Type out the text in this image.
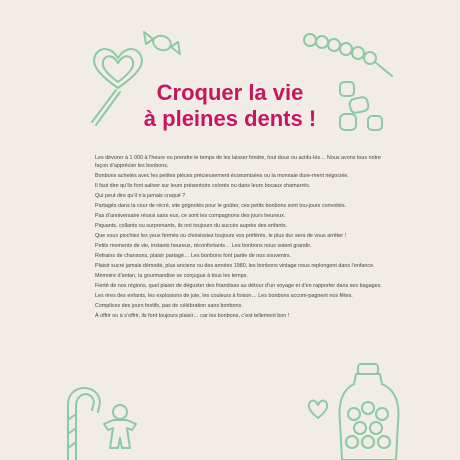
Croquer la vie
à pleines dents !

Les dévorer à 1 000 à l’heure ou prendre le temps de les laisser fondre, tout doux ou acidu-lés… Nous avons tous notre façon d’apprécier les bonbons.

Bonbons achetés avec les petites pièces précieusement économisées ou la monnaie dure-ment négociée.

Il faut dire qu’ils font saliver sur leurs présentoirs colorés ou dans leurs bocaux chamarrés.

Qui peut dire qu’il n’a jamais craqué ?

Partagés dans la cour de récré, vite grignotés pour le goûter, ces petits bonbons sont tou-jours convoités.

Pas d’anniversaire réussi sans eux, ce sont les compagnons des jours heureux.

Piquants, collants ou surprenants, ils ont toujours du succès auprès des enfants.

Que vous piochiez les yeux fermés ou choisissiez toujours vos préférés, le plus dur sera de vous arrêter !

Petits moments de vie, instants heureux, réconfortants… Les bonbons nous voient grandir.

Refrains de chansons, plaisir partagé… Les bonbons font partie de nos souvenirs.

Plaisir sucré jamais démodé, plus anciens ou des années 1980, les bonbons vintage nous replongent dans l’enfance.

Mémoire d’antan, la gourmandise se conjugue à tous les temps.

Fierté de nos régions, quel plaisir de déguster des friandises au détour d’un voyage et d’en rapporter dans ses bagages.

Les rires des enfants, les explosions de joie, les couleurs à foison… Les bonbons accom-pagnent nos fêtes.

Complices des jours festifs, pas de célébration sans bonbons.

À offrir ou à s’offrir, ils font toujours plaisir… car les bonbons, c’est tellement bon !
